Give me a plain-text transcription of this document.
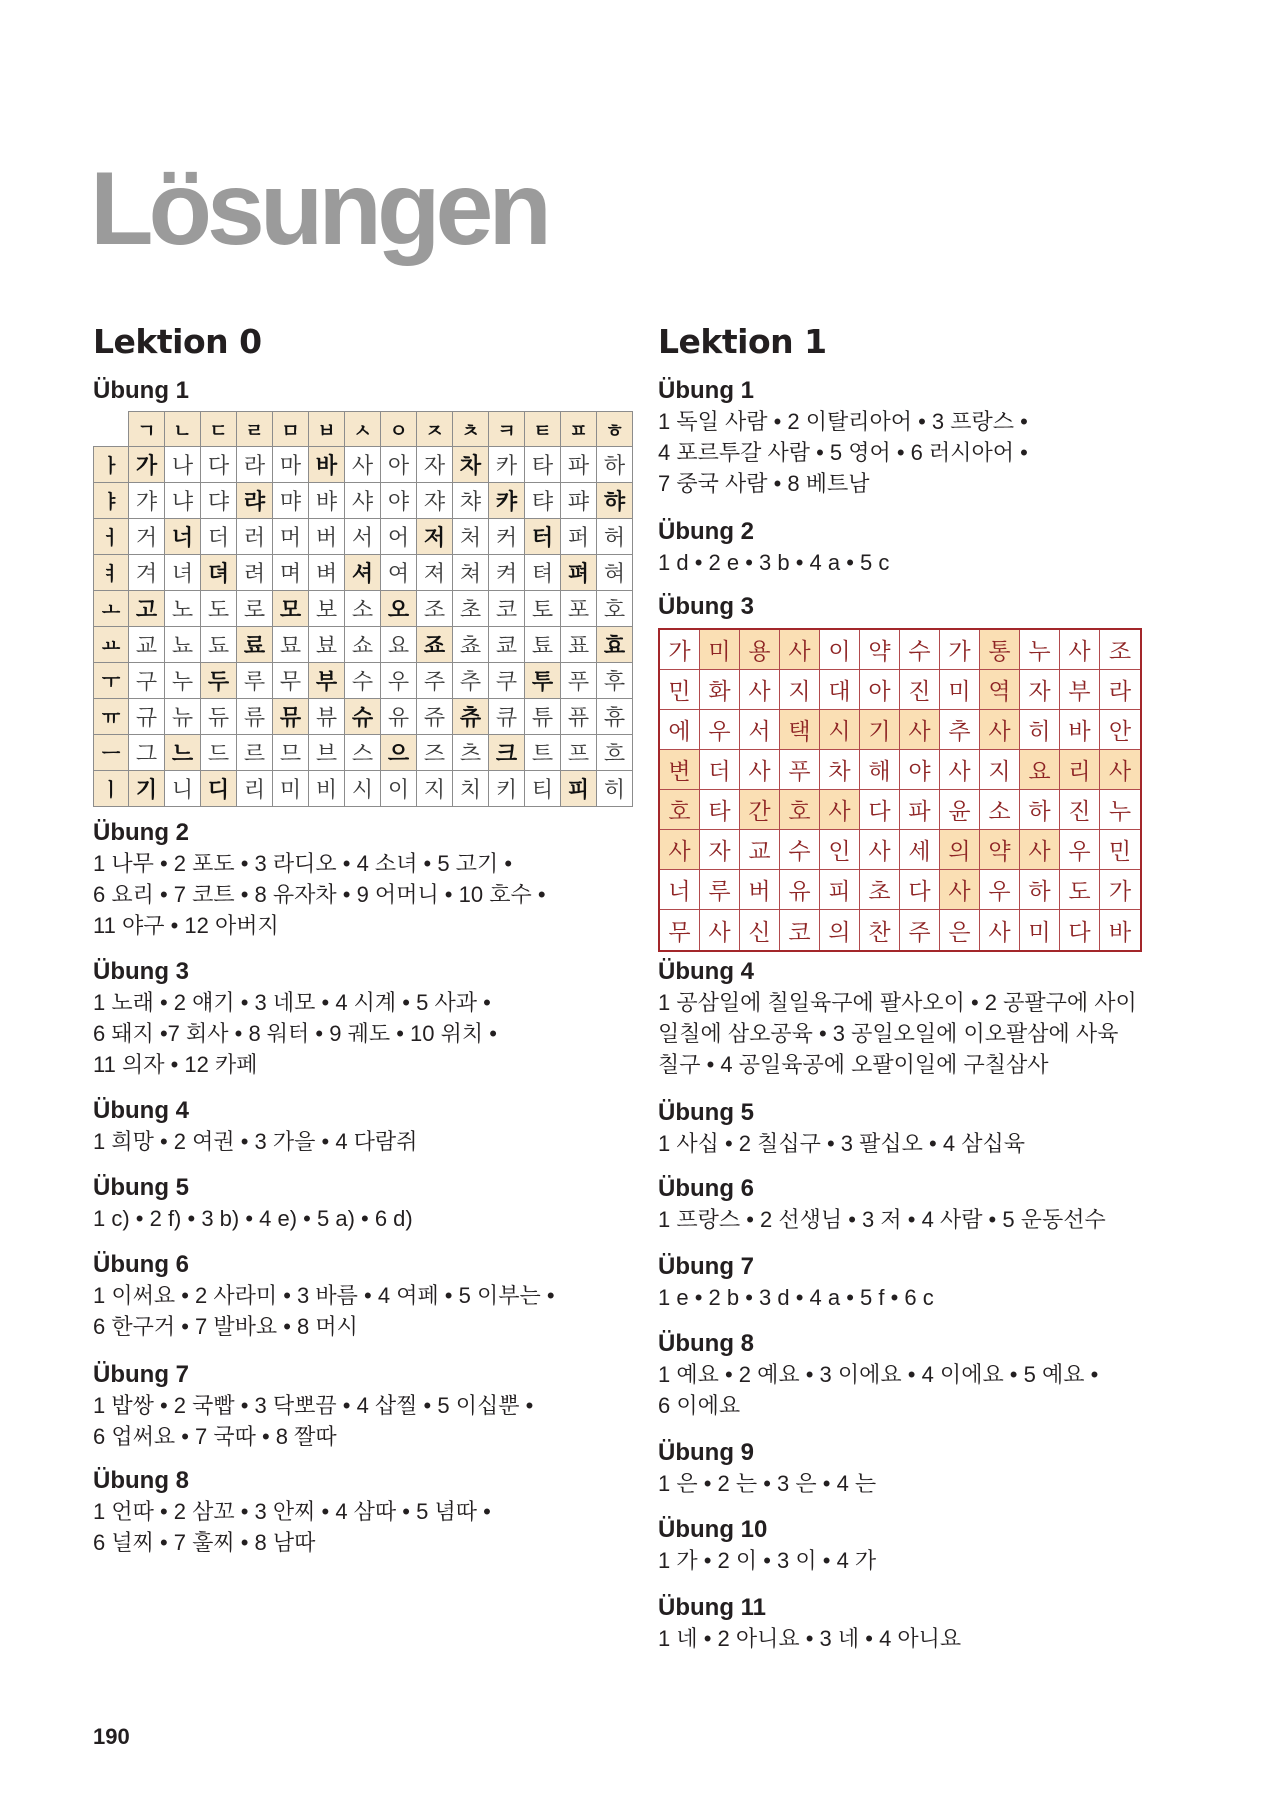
Lösungen
Lektion 0
Übung 1
ㄱ ㄴ ㄷ ㄹ ㅁ ㅂ ㅅ ㅇ ㅈ ㅊ ㅋ ㅌ ㅍ ㅎ
ㅏ 가 나 다 라 마 바 사 아 자 차 카 타 파 하
ㅑ 갸 냐 댜 랴 먀 뱌 샤 야 쟈 챠 캬 탸 퍄 햐
ㅓ 거 너 더 러 머 버 서 어 저 처 커 터 퍼 허
ㅕ 겨 녀 뎌 려 며 벼 셔 여 져 쳐 켜 텨 펴 혀
ㅗ 고 노 도 로 모 보 소 오 조 초 코 토 포 호
ㅛ 교 뇨 됴 료 묘 뵤 쇼 요 죠 쵸 쿄 툐 표 효
ㅜ 구 누 두 루 무 부 수 우 주 추 쿠 투 푸 후
ㅠ 규 뉴 듀 류 뮤 뷰 슈 유 쥬 츄 큐 튜 퓨 휴
ㅡ 그 느 드 르 므 브 스 으 즈 츠 크 트 프 흐
ㅣ 기 니 디 리 미 비 시 이 지 치 키 티 피 히
Übung 2
1 나무 • 2 포도 • 3 라디오 • 4 소녀 • 5 고기 •
6 요리 • 7 코트 • 8 유자차 • 9 어머니 • 10 호수 •
11 야구 • 12 아버지
Übung 3
1 노래 • 2 얘기 • 3 네모 • 4 시계 • 5 사과 •
6 돼지 •7 회사 • 8 워터 • 9 궤도 • 10 위치 •
11 의자 • 12 카페
Übung 4
1 희망 • 2 여권 • 3 가을 • 4 다람쥐
Übung 5
1 c) • 2 f) • 3 b) • 4 e) • 5 a) • 6 d)
Übung 6
1 이써요 • 2 사라미 • 3 바름 • 4 여페 • 5 이부는 •
6 한구거 • 7 발바요 • 8 머시
Übung 7
1 밥쌍 • 2 국빱 • 3 닥뽀끔 • 4 삽찔 • 5 이십뿐 •
6 업써요 • 7 국따 • 8 짤따
Übung 8
1 언따 • 2 삼꼬 • 3 안찌 • 4 삼따 • 5 념따 •
6 널찌 • 7 훌찌 • 8 남따
Lektion 1
Übung 1
1 독일 사람 • 2 이탈리아어 • 3 프랑스 •
4 포르투갈 사람 • 5 영어 • 6 러시아어 •
7 중국 사람 • 8 베트남
Übung 2
1 d • 2 e • 3 b • 4 a • 5 c
Übung 3
가 미 용 사 이 약 수 가 통 누 사 조
민 화 사 지 대 아 진 미 역 자 부 라
에 우 서 택 시 기 사 추 사 히 바 안
변 더 사 푸 차 해 야 사 지 요 리 사
호 타 간 호 사 다 파 윤 소 하 진 누
사 자 교 수 인 사 세 의 약 사 우 민
너 루 버 유 피 초 다 사 우 하 도 가
무 사 신 코 의 찬 주 은 사 미 다 바
Übung 4
1 공삼일에 칠일육구에 팔사오이 • 2 공팔구에 사이
일칠에 삼오공육 • 3 공일오일에 이오팔삼에 사육
칠구 • 4 공일육공에 오팔이일에 구칠삼사
Übung 5
1 사십 • 2 칠십구 • 3 팔십오 • 4 삼십육
Übung 6
1 프랑스 • 2 선생님 • 3 저 • 4 사람 • 5 운동선수
Übung 7
1 e • 2 b • 3 d • 4 a • 5 f • 6 c
Übung 8
1 예요 • 2 예요 • 3 이에요 • 4 이에요 • 5 예요 •
6 이에요
Übung 9
1 은 • 2 는 • 3 은 • 4 는
Übung 10
1 가 • 2 이 • 3 이 • 4 가
Übung 11
1 네 • 2 아니요 • 3 네 • 4 아니요
190
